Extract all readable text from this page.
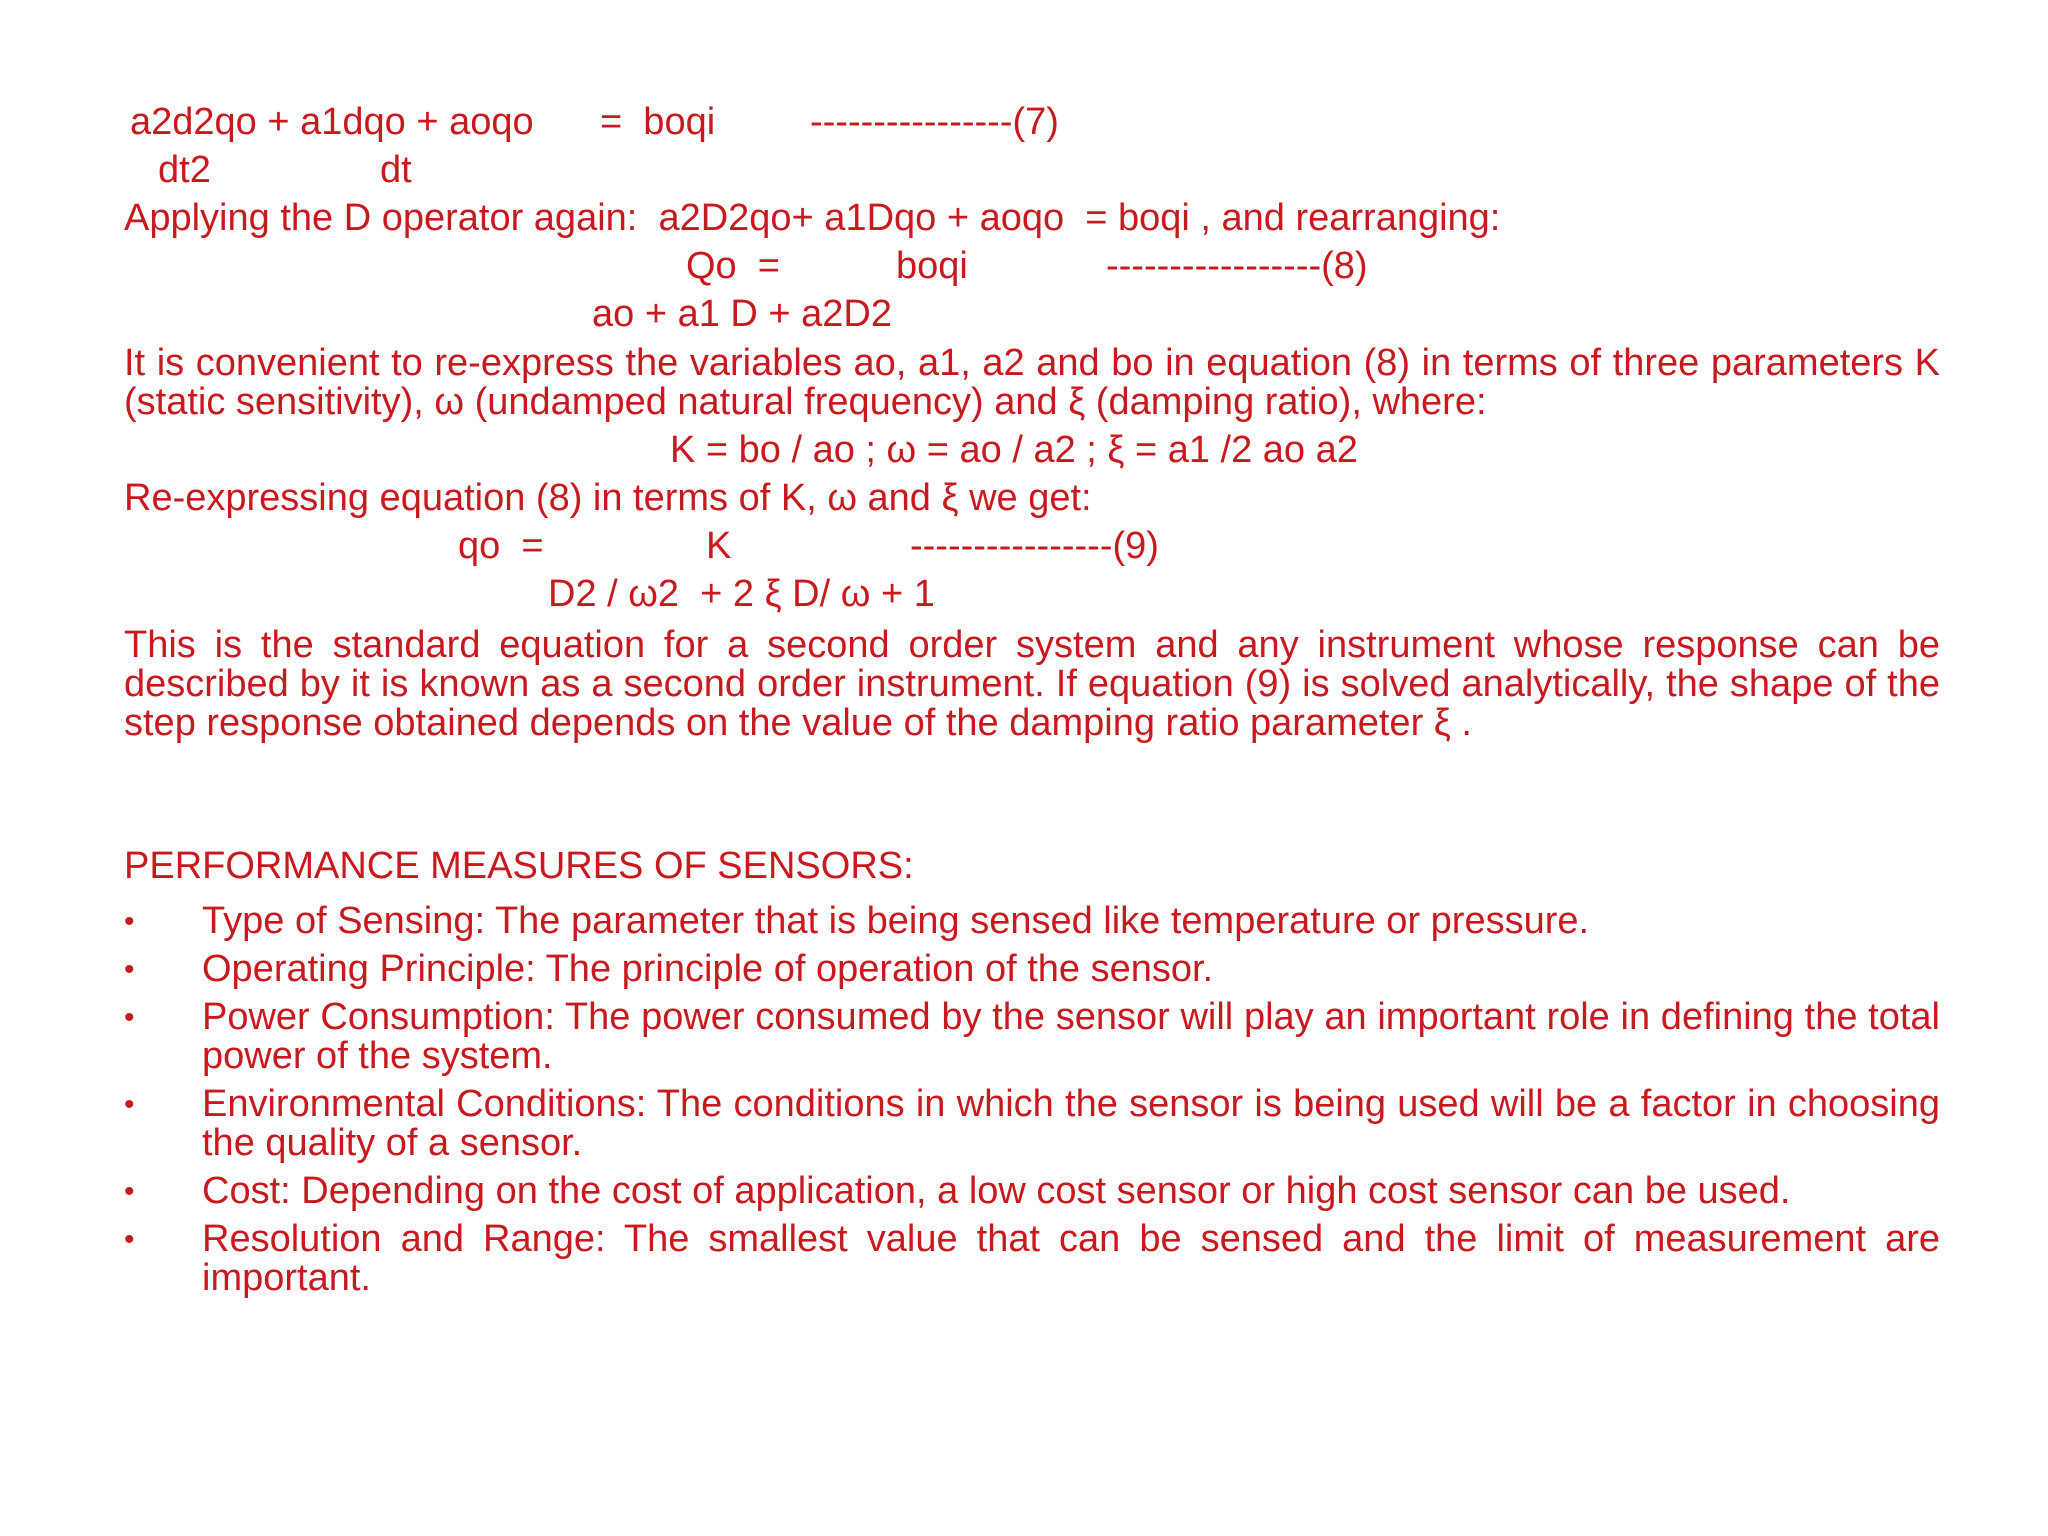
a2d2qo + a1dqo + aoqo =  boqi ----------------(7)

dt2	dt

Applying the D operator again:  a2D2qo+ a1Dqo + aoqo  = boqi , and rearranging:

Qo  =	boqi	-----------------(8)

ao + a1 D + a2D2

It is convenient to re-express the variables ao, a1, a2 and bo in equation (8) in terms of three parameters K (static sensitivity), ω (undamped natural frequency) and ξ (damping ratio), where:

K = bo / ao ; ω = ao / a2 ; ξ = a1 /2 ao a2

Re-expressing equation (8) in terms of K, ω and ξ we get:

qo  =	K	----------------(9)

D2 / ω2  + 2 ξ D/ ω + 1

This is the standard equation for a second order system and any instrument whose response can be described by it is known as a second order instrument. If equation (9) is solved analytically, the shape of the step response obtained depends on the value of the damping ratio parameter ξ .

PERFORMANCE MEASURES OF SENSORS:

• Type of Sensing: The parameter that is being sensed like temperature or pressure.
• Operating Principle: The principle of operation of the sensor.
• Power Consumption: The power consumed by the sensor will play an important role in defining the total power of the system.
• Environmental Conditions: The conditions in which the sensor is being used will be a factor in choosing the quality of a sensor.
• Cost: Depending on the cost of application, a low cost sensor or high cost sensor can be used.
• Resolution and Range: The smallest value that can be sensed and the limit of measurement are important.
